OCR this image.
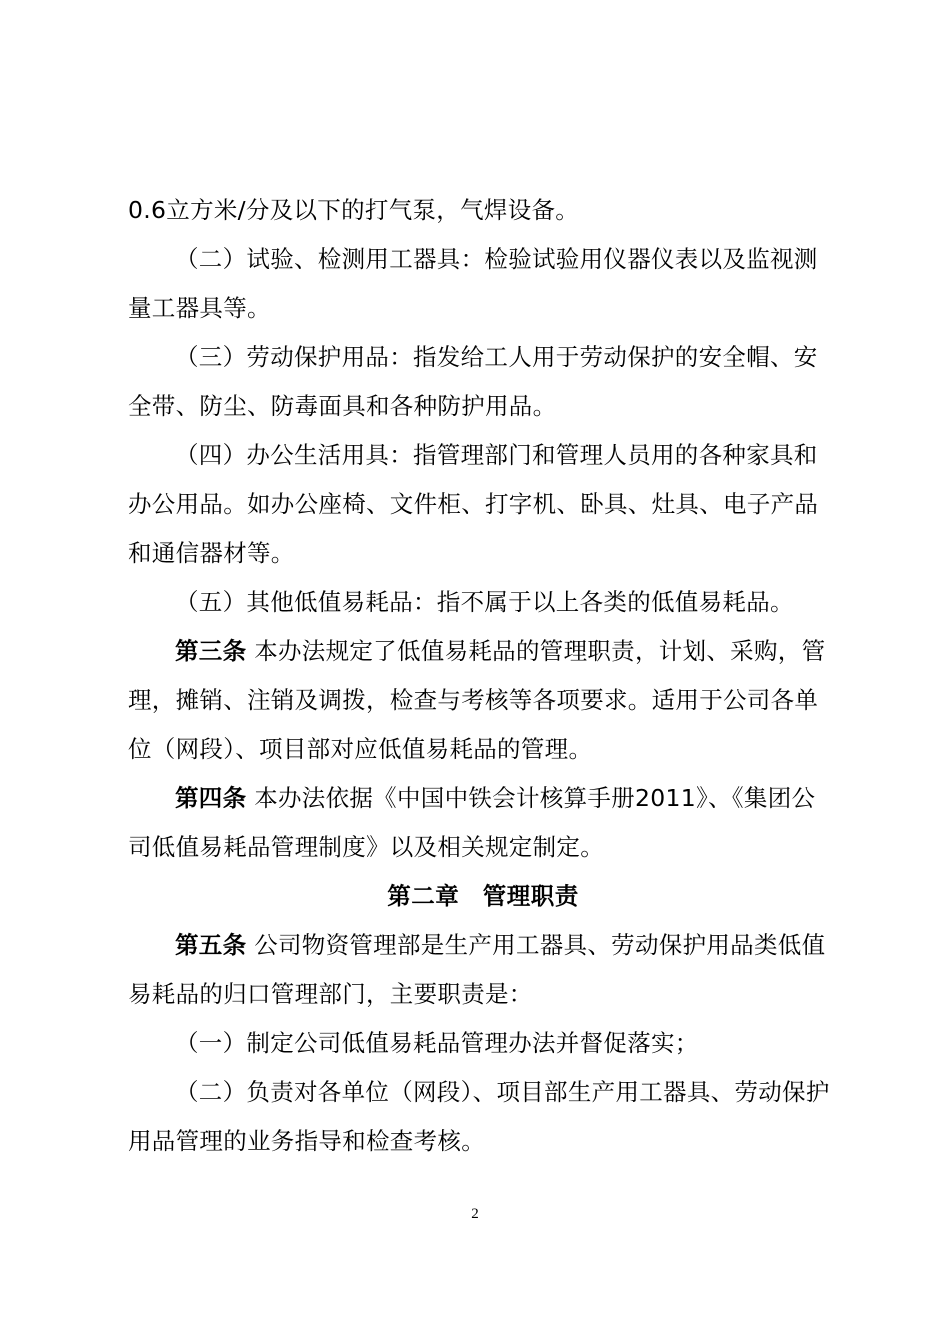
0.6立方米/分及以下的打气泵，气焊设备。

（二）试验、检测用工器具：检验试验用仪器仪表以及监视测量工器具等。

（三）劳动保护用品：指发给工人用于劳动保护的安全帽、安全带、防尘、防毒面具和各种防护用品。

（四）办公生活用具：指管理部门和管理人员用的各种家具和办公用品。如办公座椅、文件柜、打字机、卧具、灶具、电子产品和通信器材等。

（五）其他低值易耗品：指不属于以上各类的低值易耗品。

第三条 本办法规定了低值易耗品的管理职责，计划、采购，管理，摊销、注销及调拨，检查与考核等各项要求。适用于公司各单位（网段）、项目部对应低值易耗品的管理。

第四条 本办法依据《中国中铁会计核算手册2011》、《集团公司低值易耗品管理制度》以及相关规定制定。

第二章 管理职责

第五条 公司物资管理部是生产用工器具、劳动保护用品类低值易耗品的归口管理部门，主要职责是：

（一）制定公司低值易耗品管理办法并督促落实；

（二）负责对各单位（网段）、项目部生产用工器具、劳动保护用品管理的业务指导和检查考核。

2
